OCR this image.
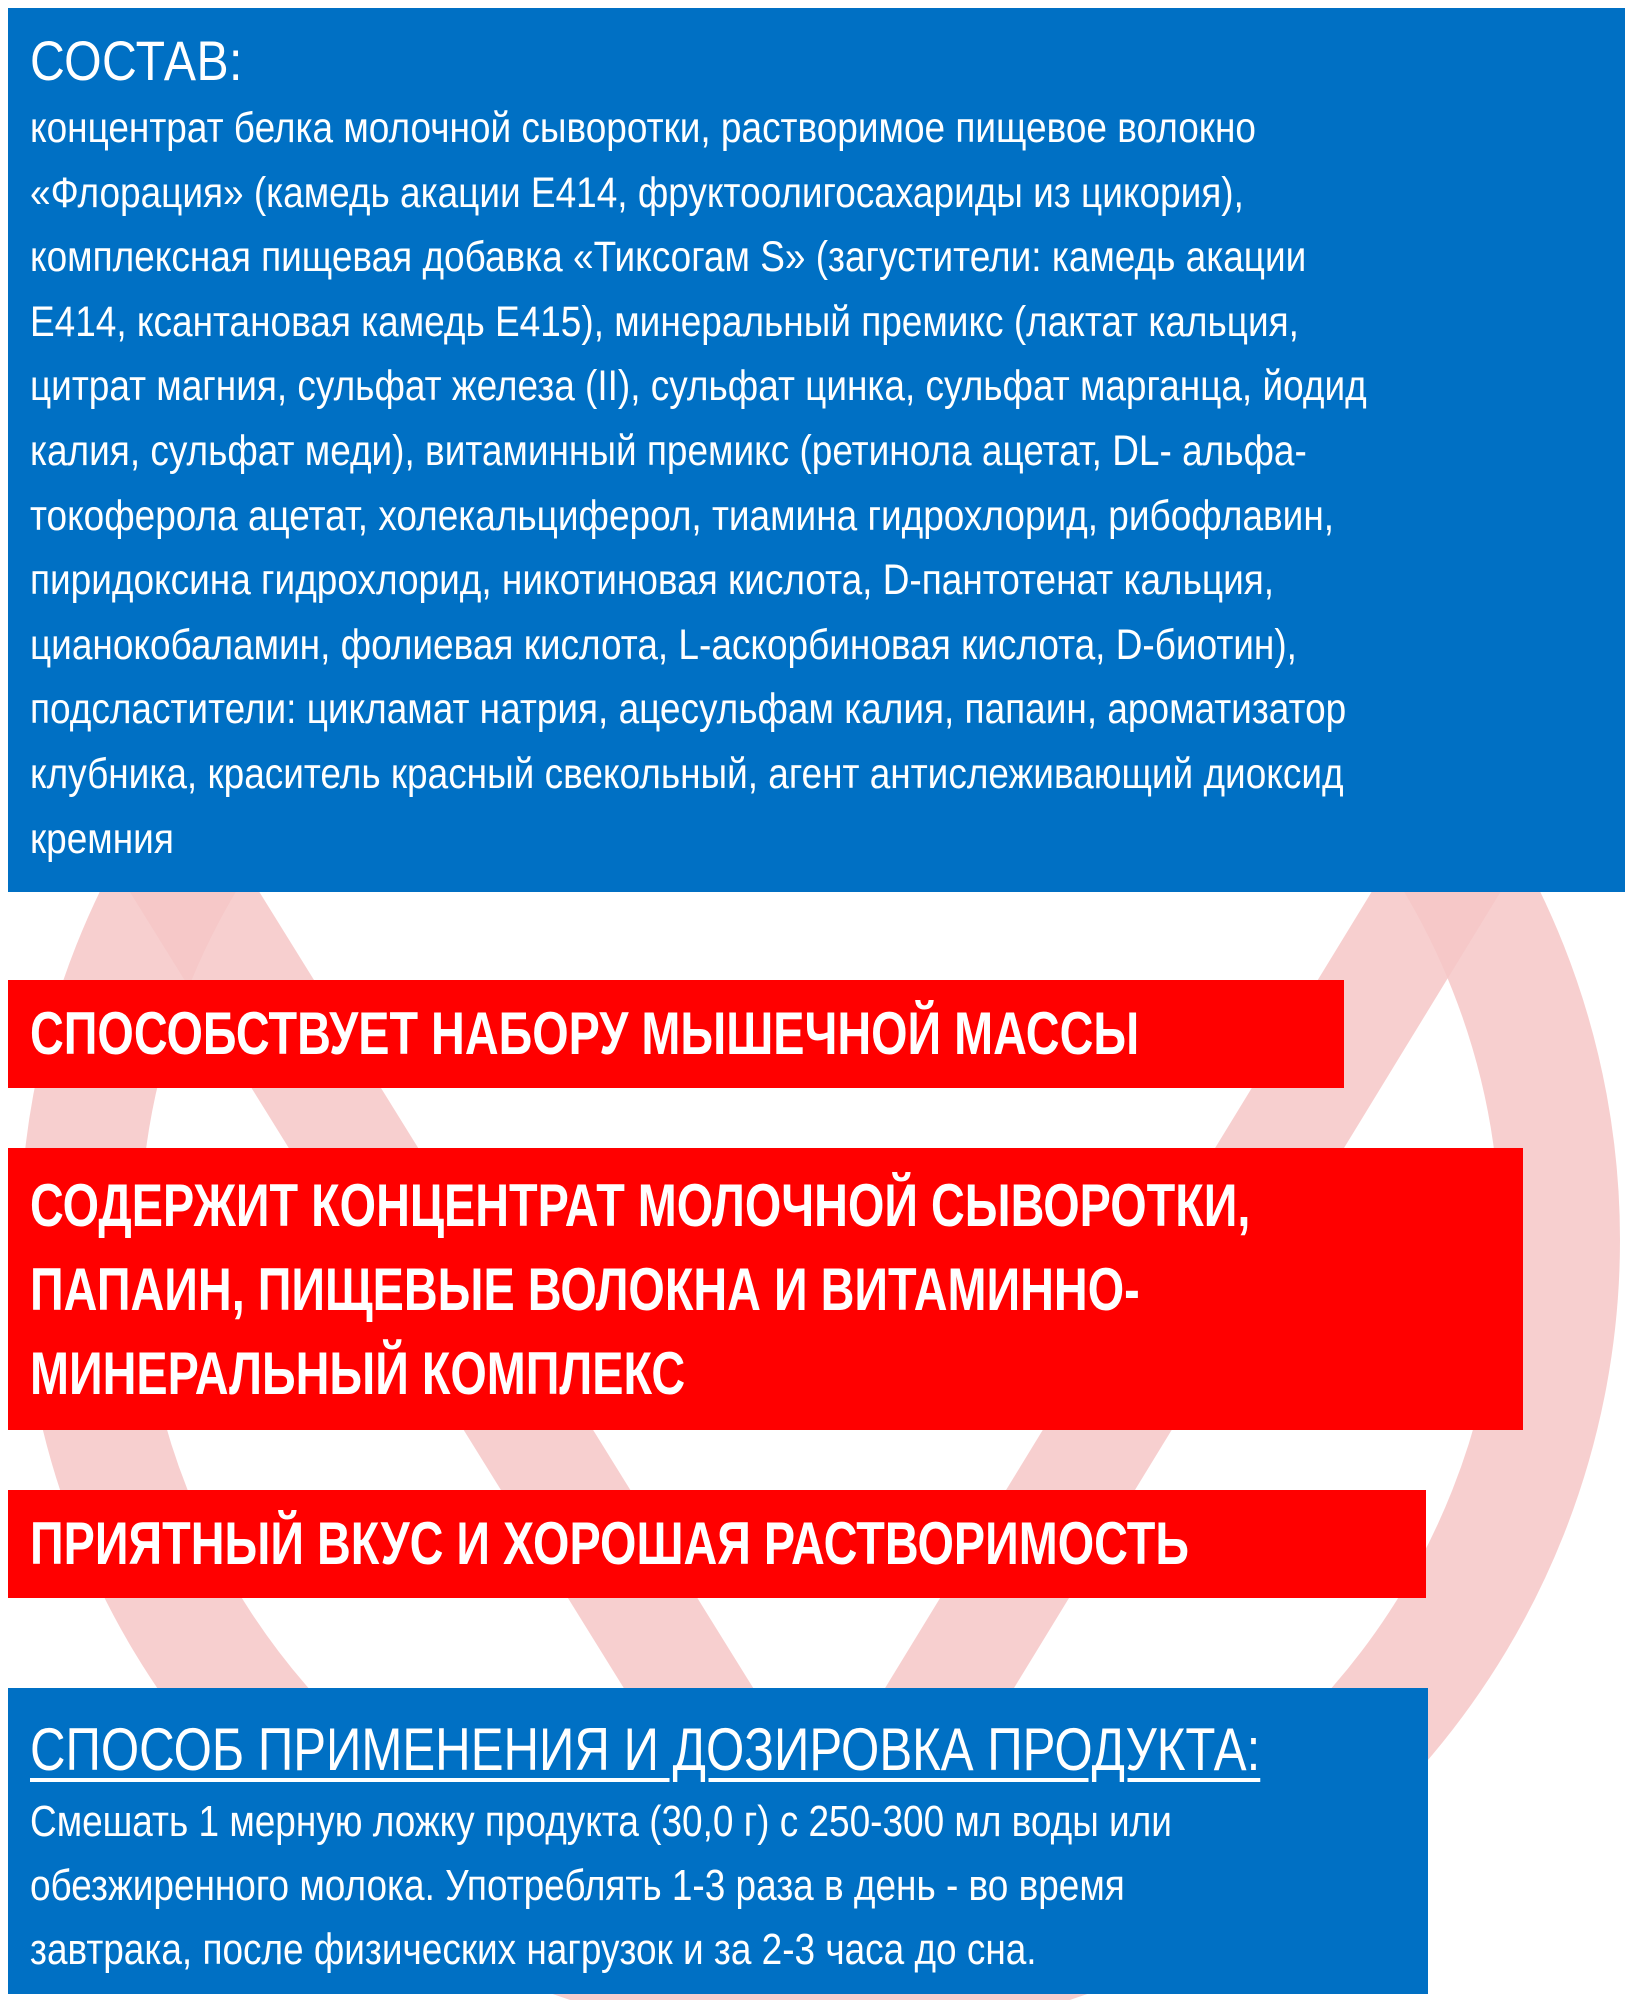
СОСТАВ:
концентрат белка молочной сыворотки, растворимое пищевое волокно
«Флорация» (камедь акации Е414, фруктоолигосахариды из цикория),
комплексная пищевая добавка «Тиксогам S» (загустители: камедь акации
Е414, ксантановая камедь Е415), минеральный премикс (лактат кальция,
цитрат магния, сульфат железа (II), сульфат цинка, сульфат марганца, йодид
калия, сульфат меди), витаминный премикс (ретинола ацетат, DL- альфа-
токоферола ацетат, холекальциферол, тиамина гидрохлорид, рибофлавин,
пиридоксина гидрохлорид, никотиновая кислота, D-пантотенат кальция,
цианокобаламин, фолиевая кислота, L-аскорбиновая кислота, D-биотин),
подсластители: цикламат натрия, ацесульфам калия, папаин, ароматизатор
клубника, краситель красный свекольный, агент антислеживающий диоксид
кремния
СПОСОБСТВУЕТ НАБОРУ МЫШЕЧНОЙ МАССЫ
СОДЕРЖИТ КОНЦЕНТРАТ МОЛОЧНОЙ СЫВОРОТКИ,
ПАПАИН, ПИЩЕВЫЕ ВОЛОКНА И ВИТАМИННО-
МИНЕРАЛЬНЫЙ КОМПЛЕКС
ПРИЯТНЫЙ ВКУС И ХОРОШАЯ РАСТВОРИМОСТЬ
СПОСОБ ПРИМЕНЕНИЯ И ДОЗИРОВКА ПРОДУКТА:
Смешать 1 мерную ложку продукта (30,0 г) с 250-300 мл воды или
обезжиренного молока. Употреблять 1-3 раза в день - во время
завтрака, после физических нагрузок и за 2-3 часа до сна.
